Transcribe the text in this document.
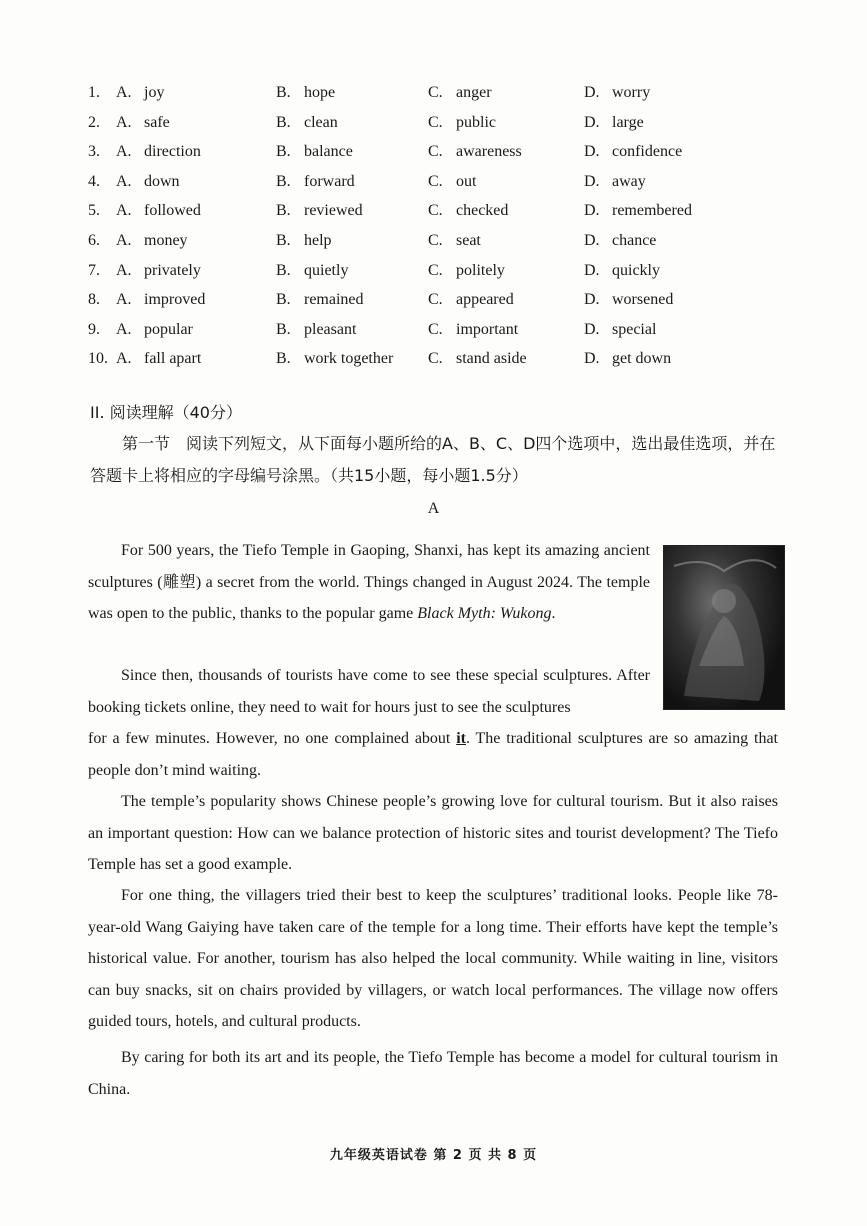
1. A. joy	B. hope	C. anger	D. worry
2. A. safe	B. clean	C. public	D. large
3. A. direction	B. balance	C. awareness	D. confidence
4. A. down	B. forward	C. out	D. away
5. A. followed	B. reviewed	C. checked	D. remembered
6. A. money	B. help	C. seat	D. chance
7. A. privately	B. quietly	C. politely	D. quickly
8. A. improved	B. remained	C. appeared	D. worsened
9. A. popular	B. pleasant	C. important	D. special
10. A. fall apart	B. work together C. stand aside	D. get down
II. 阅读理解（40分）
第一节　阅读下列短文，从下面每小题所给的A、B、C、D四个选项中，选出最佳选项，并在答题卡上将相应的字母编号涂黑。（共15小题，每小题1.5分）
A
For 500 years, the Tiefo Temple in Gaoping, Shanxi, has kept its amazing ancient sculptures (雕塑) a secret from the world. Things changed in August 2024. The temple was open to the public, thanks to the popular game Black Myth: Wukong.
Since then, thousands of tourists have come to see these special sculptures. After booking tickets online, they need to wait for hours just to see the sculptures
for a few minutes. However, no one complained about it. The traditional sculptures are so amazing that people don’t mind waiting.
The temple’s popularity shows Chinese people’s growing love for cultural tourism. But it also raises an important question: How can we balance protection of historic sites and tourist development? The Tiefo Temple has set a good example.
For one thing, the villagers tried their best to keep the sculptures’ traditional looks. People like 78-year-old Wang Gaiying have taken care of the temple for a long time. Their efforts have kept the temple’s historical value. For another, tourism has also helped the local community. While waiting in line, visitors can buy snacks, sit on chairs provided by villagers, or watch local performances. The village now offers guided tours, hotels, and cultural products.
By caring for both its art and its people, the Tiefo Temple has become a model for cultural tourism in China.
九年级英语试卷 第 2 页 共 8 页
